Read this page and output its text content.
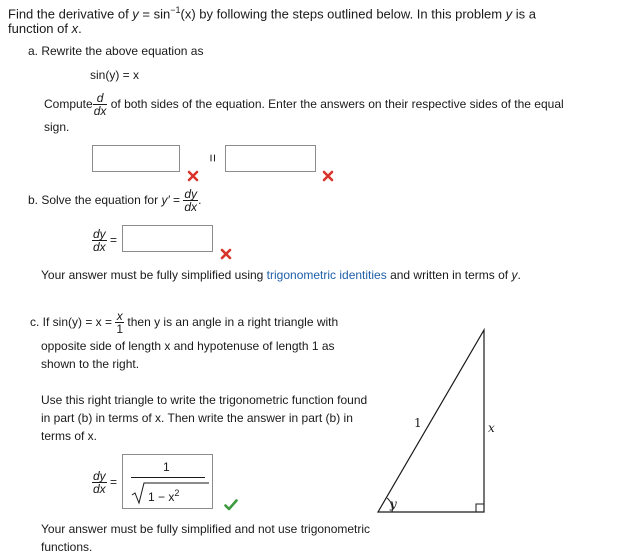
Find the derivative of $y = \sin^{-1}(x)$ by following the steps outlined below. In this problem y is a
function of x.
a. Rewrite the above equation as
sin(y) = x
Compute $\frac{d}{dx}$ of both sides of the equation. Enter the answers on their respective sides of the equal
sign.
=
b. Solve the equation for $y' = \frac{dy}{dx}$ .
$\frac{dy}{dx}$ =
Your answer must be fully simplified using trigonometric identities and written in terms of y.
c. If $\sin(y) = x = \frac{x}{1}$ then y is an angle in a right triangle with
opposite side of length x and hypotenuse of length 1 as
shown to the right.
Use this right triangle to write the trigonometric function found
in part (b) in terms of x. Then write the answer in part (b) in
terms of x.
$\frac{dy}{dx}$ =
1
$1 - x^2$
Your answer must be fully simplified and not use trigonometric
functions.
1	x
y
